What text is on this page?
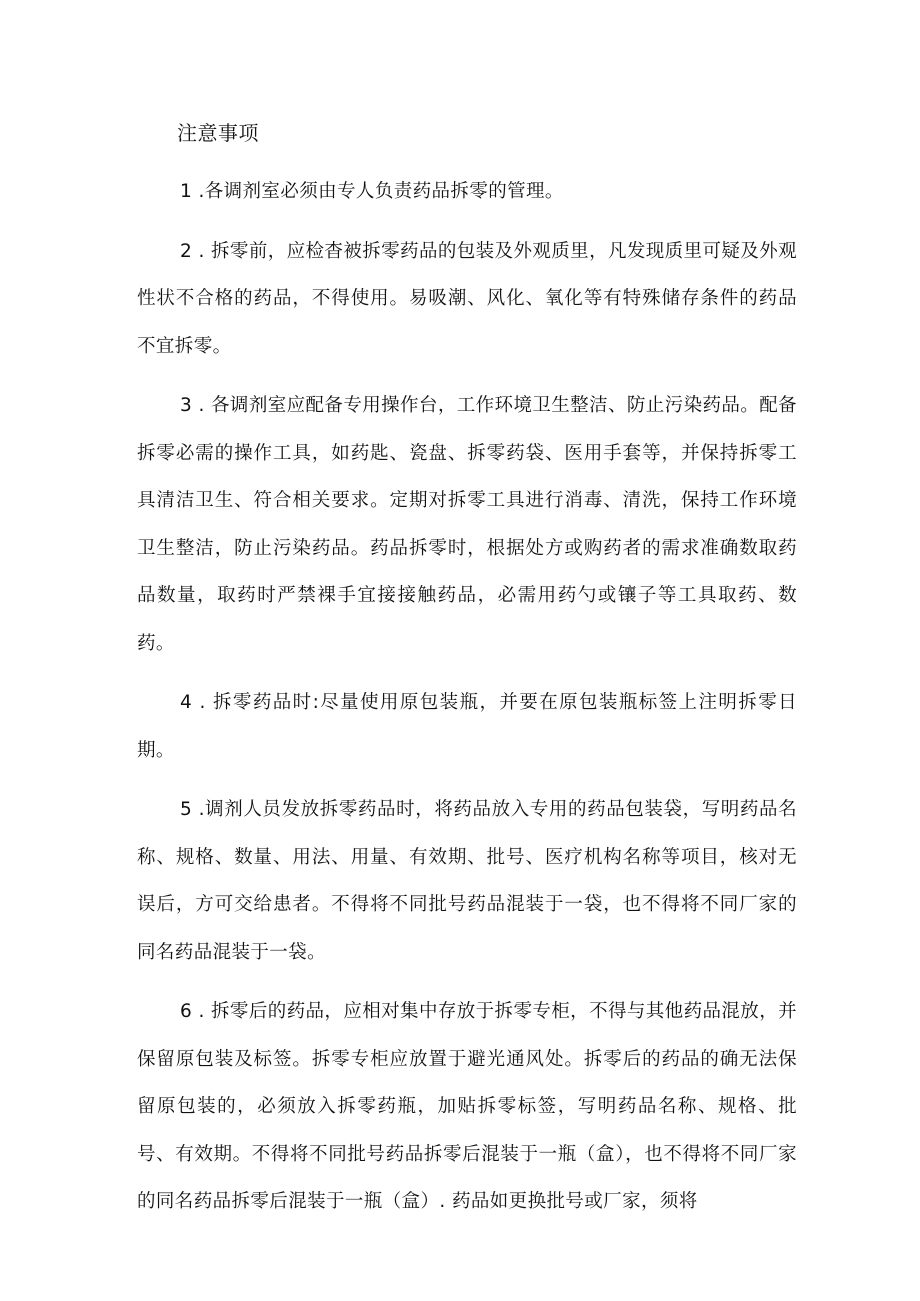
注意事项

1 .各调剂室必须由专人负责药品拆零的管理。

2 . 拆零前，应检杳被拆零药品的包装及外观质里，凡发现质里可疑及外观性状不合格的药品，不得使用。易吸潮、风化、氧化等有特殊储存条件的药品不宜拆零。

3 . 各调剂室应配备专用操作台，工作环境卫生整洁、防止污染药品。配备拆零必需的操作工具，如药匙、瓷盘、拆零药袋、医用手套等，并保持拆零工具清洁卫生、符合相关要求。定期对拆零工具进行消毒、清洗，保持工作环境卫生整洁，防止污染药品。药品拆零时，根据处方或购药者的需求准确数取药品数量，取药时严禁裸手宜接接触药品，必需用药勺或镶子等工具取药、数药。

4 . 拆零药品时:尽量使用原包装瓶，并要在原包装瓶标签上注明拆零日期。

5 .调剂人员发放拆零药品时，将药品放入专用的药品包装袋，写明药品名称、规格、数量、用法、用量、有效期、批号、医疗机构名称等项目，核对无误后，方可交给患者。不得将不同批号药品混装于一袋，也不得将不同厂家的同名药品混装于一袋。

6 . 拆零后的药品，应相对集中存放于拆零专柜，不得与其他药品混放，并保留原包装及标签。拆零专柜应放置于避光通风处。拆零后的药品的确无法保留原包装的，必须放入拆零药瓶，加贴拆零标签，写明药品名称、规格、批号、有效期。不得将不同批号药品拆零后混装于一瓶（盒），也不得将不同厂家的同名药品拆零后混装于一瓶（盒）. 药品如更换批号或厂家，须将
